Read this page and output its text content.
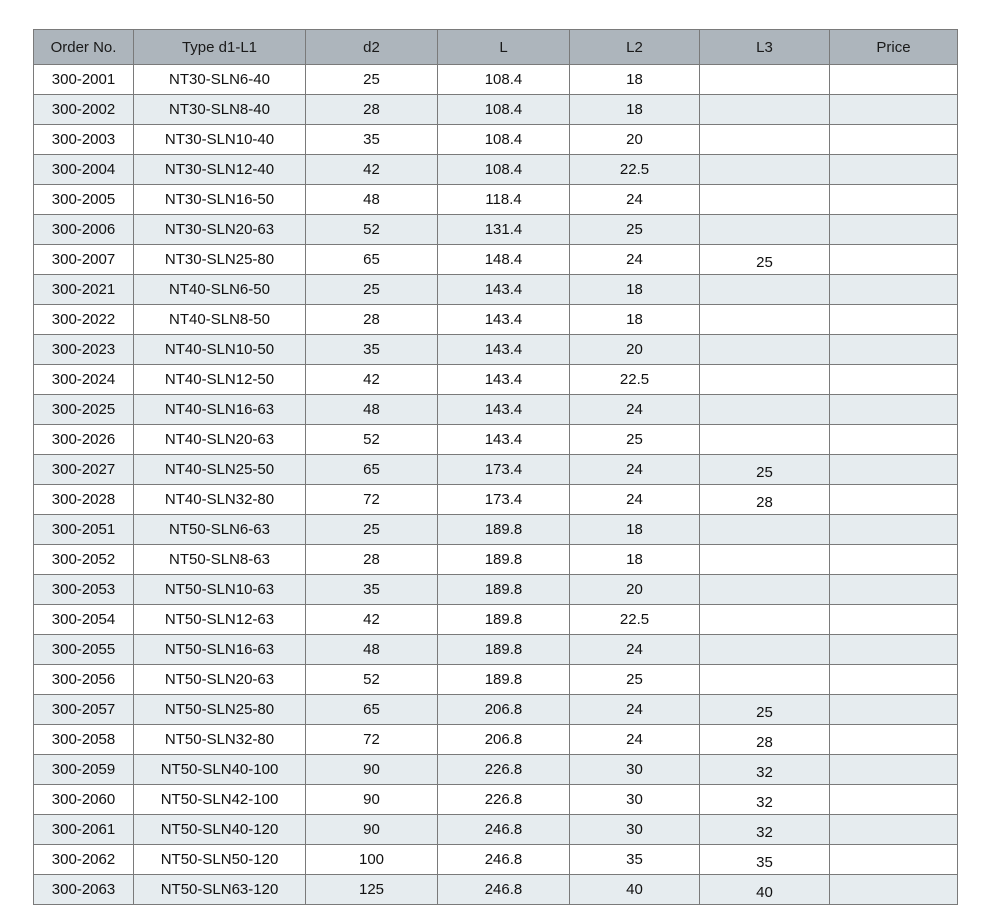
Order No.	Type d1-L1	d2	L	L2	L3	Price
300-2001	NT30-SLN6-40	25	108.4	18		
300-2002	NT30-SLN8-40	28	108.4	18		
300-2003	NT30-SLN10-40	35	108.4	20		
300-2004	NT30-SLN12-40	42	108.4	22.5		
300-2005	NT30-SLN16-50	48	118.4	24		
300-2006	NT30-SLN20-63	52	131.4	25		
300-2007	NT30-SLN25-80	65	148.4	24	25	
300-2021	NT40-SLN6-50	25	143.4	18		
300-2022	NT40-SLN8-50	28	143.4	18		
300-2023	NT40-SLN10-50	35	143.4	20		
300-2024	NT40-SLN12-50	42	143.4	22.5		
300-2025	NT40-SLN16-63	48	143.4	24		
300-2026	NT40-SLN20-63	52	143.4	25		
300-2027	NT40-SLN25-50	65	173.4	24	25	
300-2028	NT40-SLN32-80	72	173.4	24	28	
300-2051	NT50-SLN6-63	25	189.8	18		
300-2052	NT50-SLN8-63	28	189.8	18		
300-2053	NT50-SLN10-63	35	189.8	20		
300-2054	NT50-SLN12-63	42	189.8	22.5		
300-2055	NT50-SLN16-63	48	189.8	24		
300-2056	NT50-SLN20-63	52	189.8	25		
300-2057	NT50-SLN25-80	65	206.8	24	25	
300-2058	NT50-SLN32-80	72	206.8	24	28	
300-2059	NT50-SLN40-100	90	226.8	30	32	
300-2060	NT50-SLN42-100	90	226.8	30	32	
300-2061	NT50-SLN40-120	90	246.8	30	32	
300-2062	NT50-SLN50-120	100	246.8	35	35	
300-2063	NT50-SLN63-120	125	246.8	40	40	
